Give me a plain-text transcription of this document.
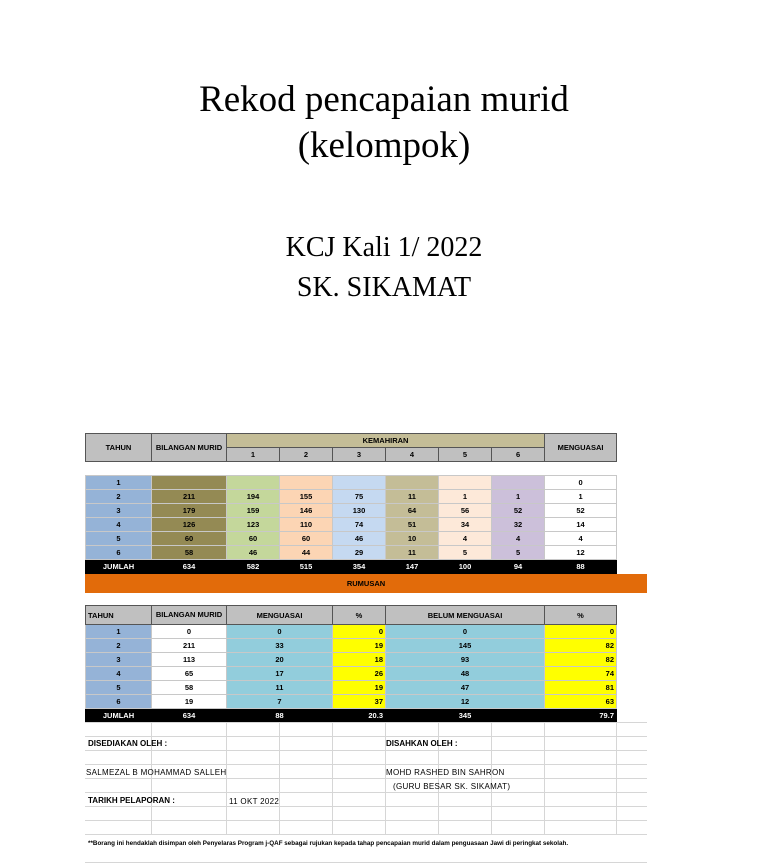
Rekod pencapaian murid
(kelompok)
KCJ Kali 1/ 2022
SK. SIKAMAT
TAHUN	BILANGAN MURID	KEMAHIRAN						MENGUASAI	
		1	2	3	4	5	6		

1								0	
2	211	194	155	75	11	1	1	1	
3	179	159	146	130	64	56	52	52	
4	126	123	110	74	51	34	32	14	
5	60	60	60	46	10	4	4	4	
6	58	46	44	29	11	5	5	12	
JUMLAH	634	582	515	354	147	100	94	88	
RUMUSAN
TAHUN	BILANGAN MURID	MENGUASAI	%	BELUM MENGUASAI	%	
1	0	0	0	0	0	
2	211	33	19	145	82	
3	113	20	18	93	82	
4	65	17	26	48	74	
5	58	11	19	47	81	
6	19	7	37	12	63	
JUMLAH	634	88	20.3	345	79.7	
DISEDIAKAN OLEH :	DISAHKAN OLEH :
SALMEZAL B MOHAMMAD SALLEH	MOHD RASHED BIN SAHRON
(GURU BESAR SK. SIKAMAT)
TARIKH PELAPORAN :	11 OKT 2022
**Borang ini hendaklah disimpan oleh Penyelaras Program j-QAF sebagai rujukan kepada tahap pencapaian murid dalam penguasaan Jawi di peringkat sekolah.
